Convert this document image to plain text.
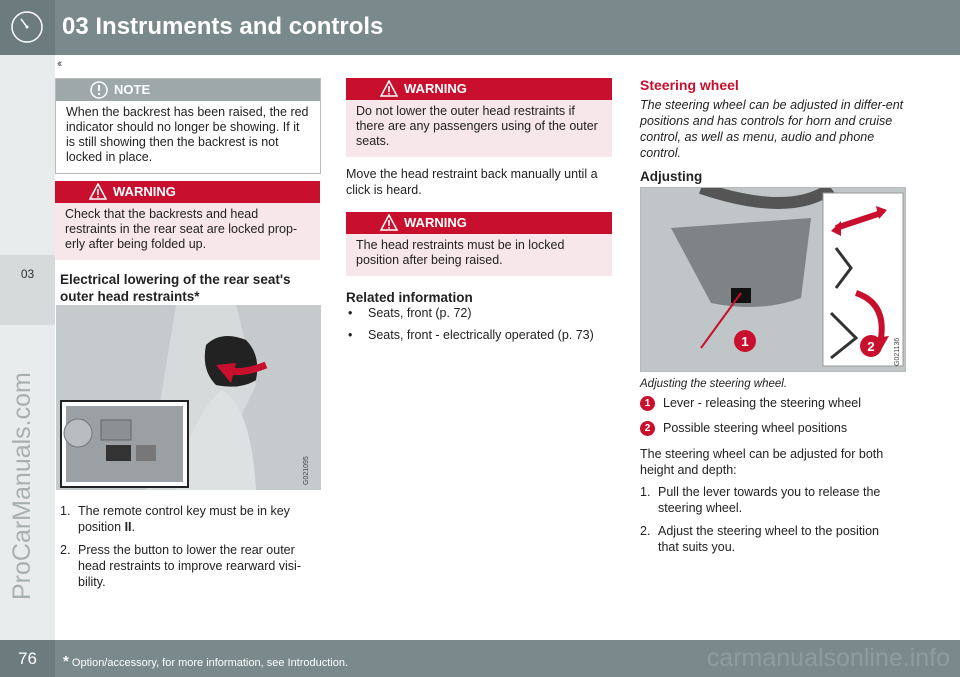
03 Instruments and controls
‹‹
03
ProCarManuals.com
NOTE
When the backrest has been raised, the red indicator should no longer be showing. If it is still showing then the backrest is not locked in place.
WARNING
Check that the backrests and head restraints in the rear seat are locked prop-erly after being folded up.
Electrical lowering of the rear seat's outer head restraints*
G021095
1. The remote control key must be in key position II.
2. Press the button to lower the rear outer head restraints to improve rearward visi-bility.
WARNING
Do not lower the outer head restraints if there are any passengers using of the outer seats.
Move the head restraint back manually until a click is heard.
WARNING
The head restraints must be in locked position after being raised.
Related information
• Seats, front (p. 72)
• Seats, front - electrically operated (p. 73)
Steering wheel
The steering wheel can be adjusted in differ-ent positions and has controls for horn and cruise control, as well as menu, audio and phone control.
Adjusting
1	2	G021136
Adjusting the steering wheel.
1	Lever - releasing the steering wheel
2	Possible steering wheel positions
The steering wheel can be adjusted for both height and depth:
1. Pull the lever towards you to release the steering wheel.
2. Adjust the steering wheel to the position that suits you.
76	* Option/accessory, for more information, see Introduction.	carmanualsonline.info
